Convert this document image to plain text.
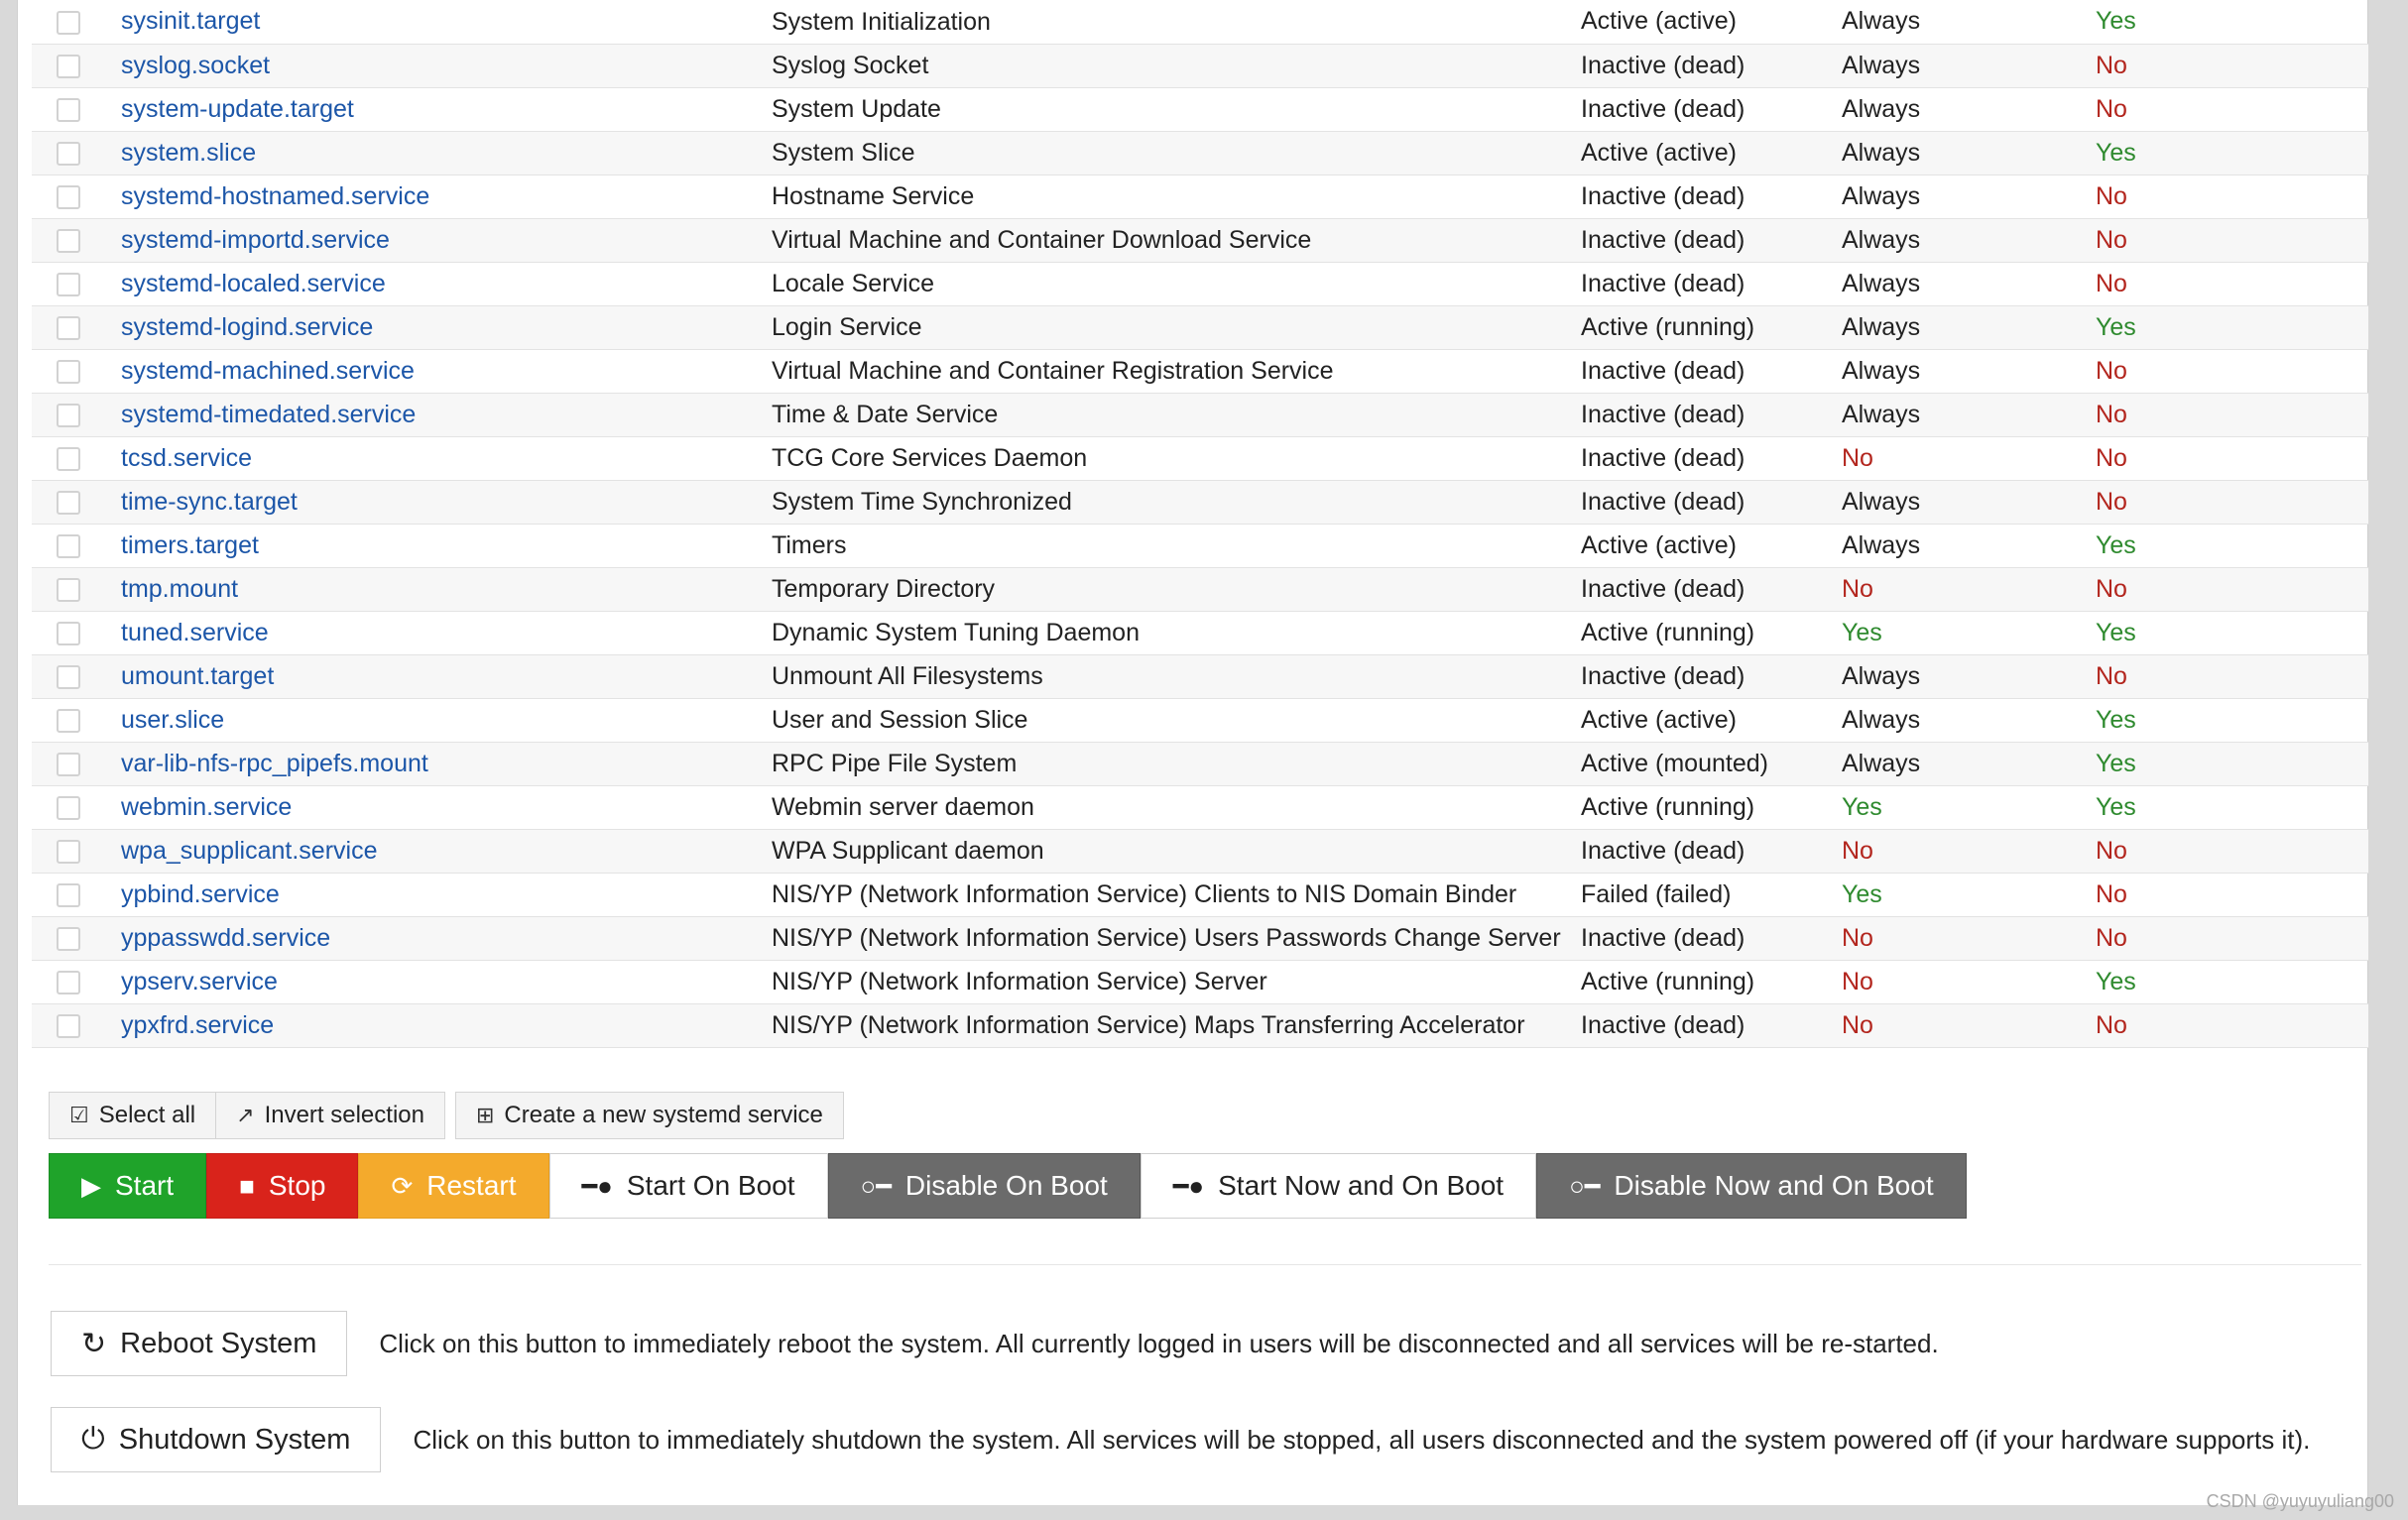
	sysinit.target	System Initialization	Active (active)	Always	Yes
	syslog.socket	Syslog Socket	Inactive (dead)	Always	No
	system-update.target	System Update	Inactive (dead)	Always	No
	system.slice	System Slice	Active (active)	Always	Yes
	systemd-hostnamed.service	Hostname Service	Inactive (dead)	Always	No
	systemd-importd.service	Virtual Machine and Container Download Service	Inactive (dead)	Always	No
	systemd-localed.service	Locale Service	Inactive (dead)	Always	No
	systemd-logind.service	Login Service	Active (running)	Always	Yes
	systemd-machined.service	Virtual Machine and Container Registration Service	Inactive (dead)	Always	No
	systemd-timedated.service	Time & Date Service	Inactive (dead)	Always	No
	tcsd.service	TCG Core Services Daemon	Inactive (dead)	No	No
	time-sync.target	System Time Synchronized	Inactive (dead)	Always	No
	timers.target	Timers	Active (active)	Always	Yes
	tmp.mount	Temporary Directory	Inactive (dead)	No	No
	tuned.service	Dynamic System Tuning Daemon	Active (running)	Yes	Yes
	umount.target	Unmount All Filesystems	Inactive (dead)	Always	No
	user.slice	User and Session Slice	Active (active)	Always	Yes
	var-lib-nfs-rpc_pipefs.mount	RPC Pipe File System	Active (mounted)	Always	Yes
	webmin.service	Webmin server daemon	Active (running)	Yes	Yes
	wpa_supplicant.service	WPA Supplicant daemon	Inactive (dead)	No	No
	ypbind.service	NIS/YP (Network Information Service) Clients to NIS Domain Binder	Failed (failed)	Yes	No
	yppasswdd.service	NIS/YP (Network Information Service) Users Passwords Change Server	Inactive (dead)	No	No
	ypserv.service	NIS/YP (Network Information Service) Server	Active (running)	No	Yes
	ypxfrd.service	NIS/YP (Network Information Service) Maps Transferring Accelerator	Inactive (dead)	No	No
☑ Select all ↗ Invert selection ⊞ Create a new systemd service
▶ Start	■ Stop	⟳ Restart	━● Start On Boot	○━ Disable On Boot	━● Start Now and On Boot	○━ Disable Now and On Boot
↻ Reboot System Click on this button to immediately reboot the system. All currently logged in users will be disconnected and all services will be re-started.
⏻ Shutdown System Click on this button to immediately shutdown the system. All services will be stopped, all users disconnected and the system powered off (if your hardware supports it).
CSDN @yuyuyuliang00
